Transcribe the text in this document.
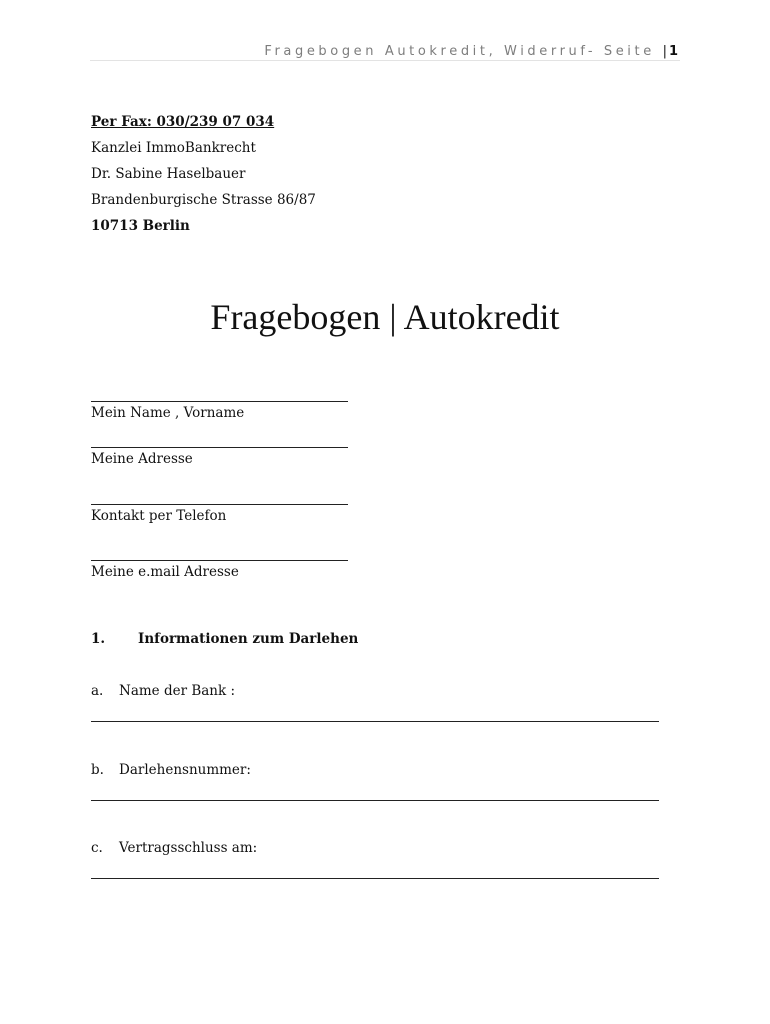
Fragebogen Autokredit, Widerruf- Seite |1
Per Fax: 030/239 07 034
Kanzlei ImmoBankrecht
Dr. Sabine Haselbauer
Brandenburgische Strasse 86/87
10713 Berlin
Fragebogen | Autokredit
Mein Name , Vorname
Meine Adresse
Kontakt per Telefon
Meine e.mail Adresse
1. Informationen zum Darlehen
a. Name der Bank :
b. Darlehensnummer:
c. Vertragsschluss am:
